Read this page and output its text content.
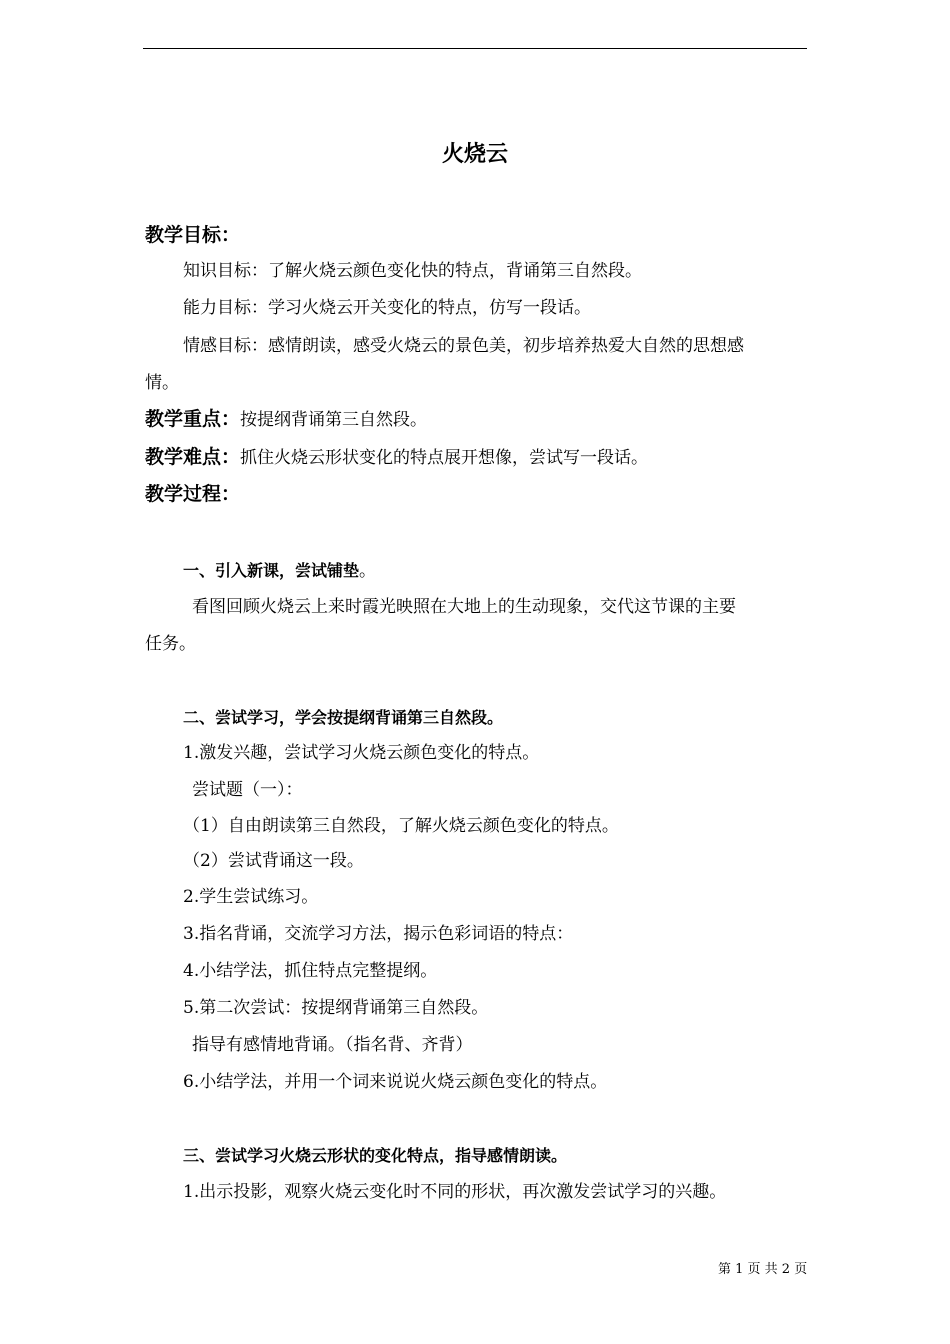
火烧云
教学目标：
知识目标：了解火烧云颜色变化快的特点，背诵第三自然段。
能力目标：学习火烧云开关变化的特点，仿写一段话。
情感目标：感情朗读，感受火烧云的景色美，初步培养热爱大自然的思想感
情。
教学重点：按提纲背诵第三自然段。
教学难点：抓住火烧云形状变化的特点展开想像，尝试写一段话。
教学过程：
一、引入新课，尝试铺垫。
看图回顾火烧云上来时霞光映照在大地上的生动现象，交代这节课的主要
任务。
二、尝试学习，学会按提纲背诵第三自然段。
1.激发兴趣，尝试学习火烧云颜色变化的特点。
尝试题（一）：
（1）自由朗读第三自然段，了解火烧云颜色变化的特点。
（2）尝试背诵这一段。
2.学生尝试练习。
3.指名背诵，交流学习方法，揭示色彩词语的特点：
4.小结学法，抓住特点完整提纲。
5.第二次尝试：按提纲背诵第三自然段。
指导有感情地背诵。（指名背、齐背）
6.小结学法，并用一个词来说说火烧云颜色变化的特点。
三、尝试学习火烧云形状的变化特点，指导感情朗读。
1.出示投影，观察火烧云变化时不同的形状，再次激发尝试学习的兴趣。
第 1 页 共 2 页
